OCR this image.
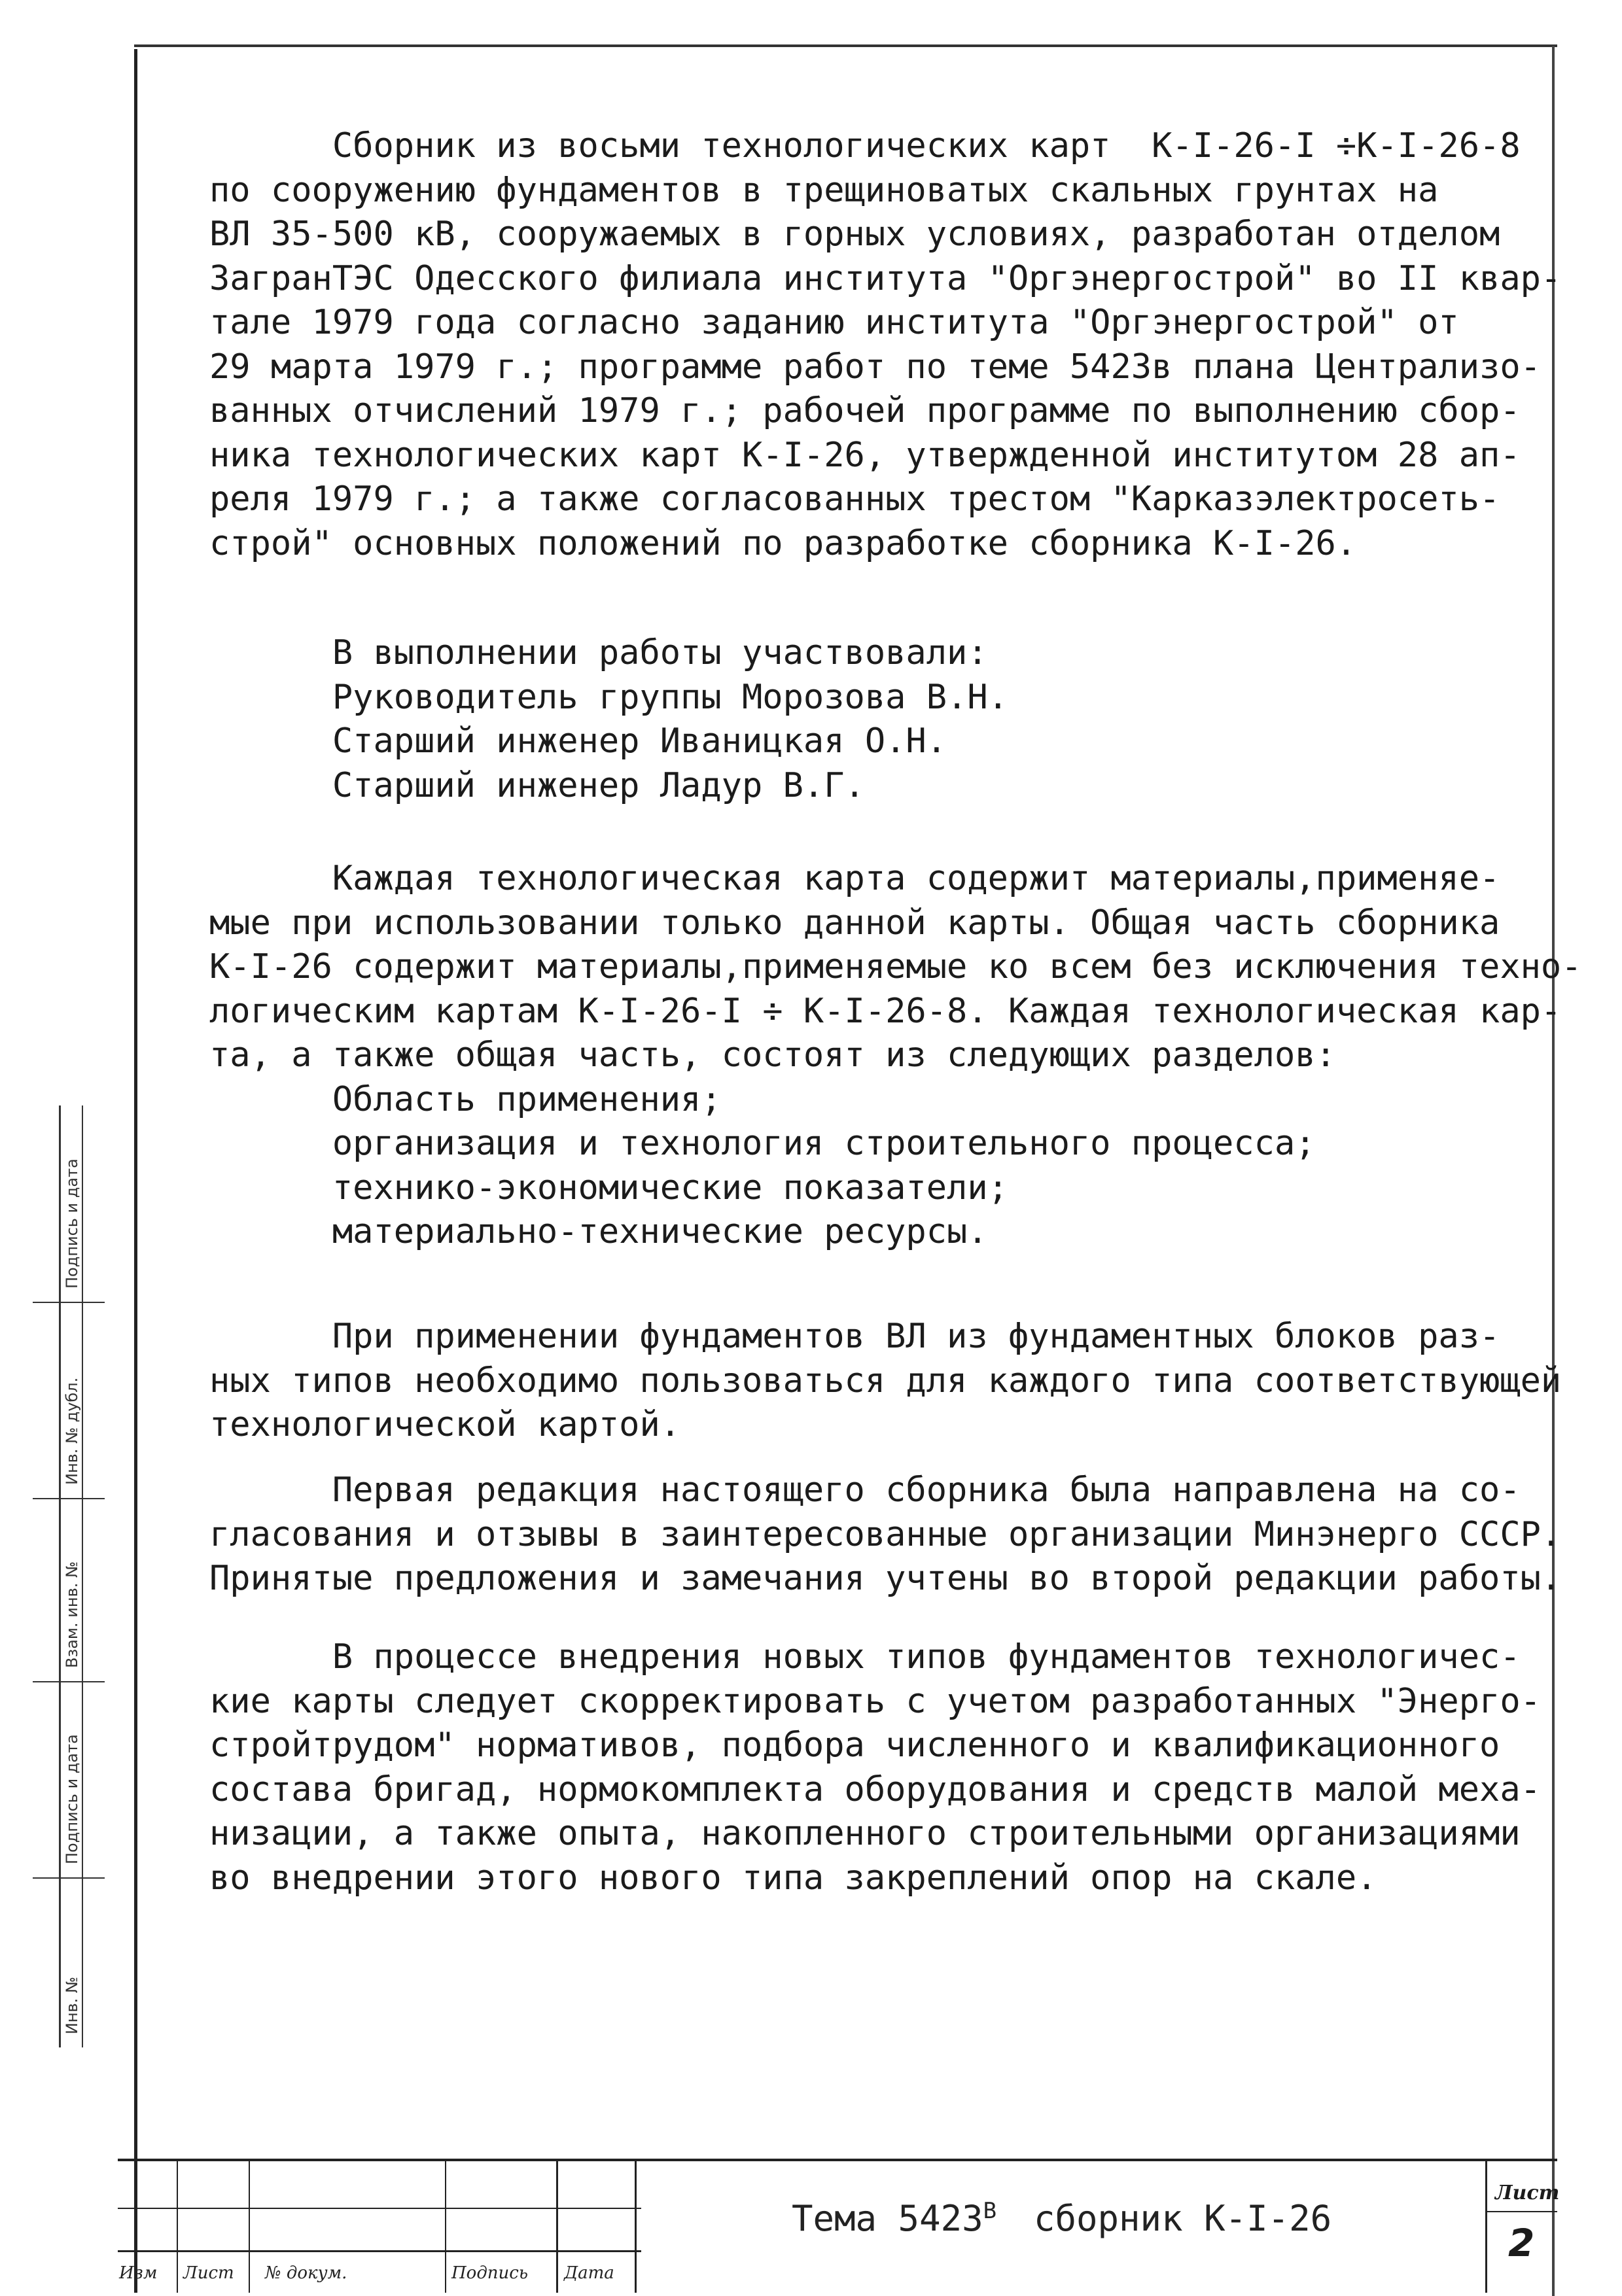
Сборник из восьми технологических карт  К-I-26-I ÷К-I-26-8
по сооружению фундаментов в трещиноватых скальных грунтах на
ВЛ 35-500 кВ, сооружаемых в горных условиях, разработан отделом
ЗагранТЭС Одесского филиала института "Оргэнергострой" во II квар-
тале 1979 года согласно заданию института "Оргэнергострой" от
29 марта 1979 г.; программе работ по теме 5423в плана Централизо-
ванных отчислений 1979 г.; рабочей программе по выполнению сбор-
ника технологических карт К-I-26, утвержденной институтом 28 ап-
реля 1979 г.; а также согласованных трестом "Карказэлектросеть-
строй" основных положений по разработке сборника К-I-26.
В выполнении работы участвовали:
Руководитель группы Морозова В.Н.
Старший инженер Иваницкая О.Н.
Старший инженер Ладур В.Г.
Каждая технологическая карта содержит материалы,применяе-
мые при использовании только данной карты. Общая часть сборника
К-I-26 содержит материалы,применяемые ко всем без исключения техно-
логическим картам К-I-26-I ÷ К-I-26-8. Каждая технологическая кар-
та, а также общая часть, состоят из следующих разделов:
Область применения;
организация и технология строительного процесса;
технико-экономические показатели;
материально-технические ресурсы.
При применении фундаментов ВЛ из фундаментных блоков раз-
ных типов необходимо пользоваться для каждого типа соответствующей
технологической картой.
Первая редакция настоящего сборника была направлена на со-
гласования и отзывы в заинтересованные организации Минэнерго СССР.
Принятые предложения и замечания учтены во второй редакции работы.
В процессе внедрения новых типов фундаментов технологичес-
кие карты следует скорректировать с учетом разработанных "Энерго-
стройтрудом" нормативов, подбора численного и квалификационного
состава бригад, нормокомплекта оборудования и средств малой меха-
низации, а также опыта, накопленного строительными организациями
во внедрении этого нового типа закреплений опор на скале.
Инв. №
Подпись и дата
Взам. инв. №
Инв. № дубл.
Подпись и дата
Изм Лист № докум.	Подпись Дата
Тема $5423^В$ сборник К-I-26
Лист
2
